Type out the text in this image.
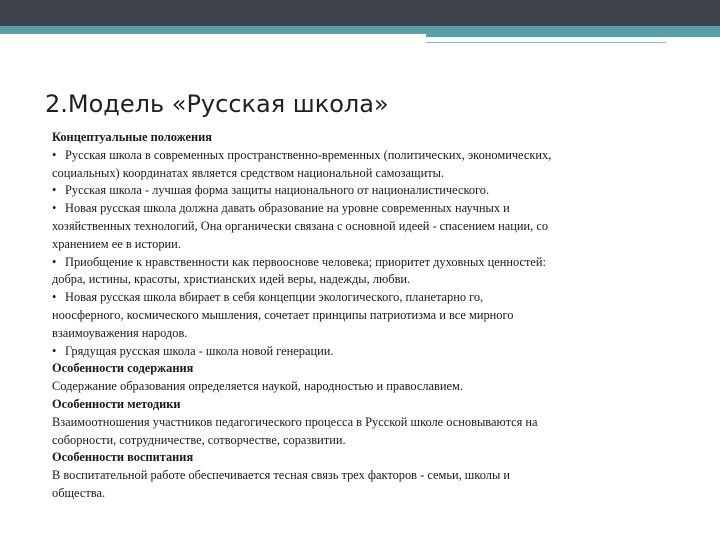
2.Модель «Русская школа»
Концептуальные положения
• Русская школа в современных пространственно-временных (политических, экономических,
социальных) координатах является средством национальной самозащиты.
• Русская школа - лучшая форма защиты национального от националистического.
• Новая русская школа должна давать образование на уровне современных научных и
хозяйственных технологий, Она органически связана с основной идеей - спасением нации, со
хранением ее в истории.
• Приобщение к нравственности как первооснове человека; приоритет духовных ценностей:
добра, истины, красоты, христианских идей веры, надежды, любви.
• Новая русская школа вбирает в себя концепции экологического, планетарно го,
ноосферного, космического мышления, сочетает принципы патриотизма и все мирного
взаимоуважения народов.
• Грядущая русская школа - школа новой генерации.
Особенности содержания
Содержание образования определяется наукой, народностью и православием.
Особенности методики
Взаимоотношения участников педагогического процесса в Русской школе основываются на
соборности, сотрудничестве, сотворчестве, соразвитии.
Особенности воспитания
В воспитательной работе обеспечивается тесная связь трех факторов - семьи, школы и
общества.
